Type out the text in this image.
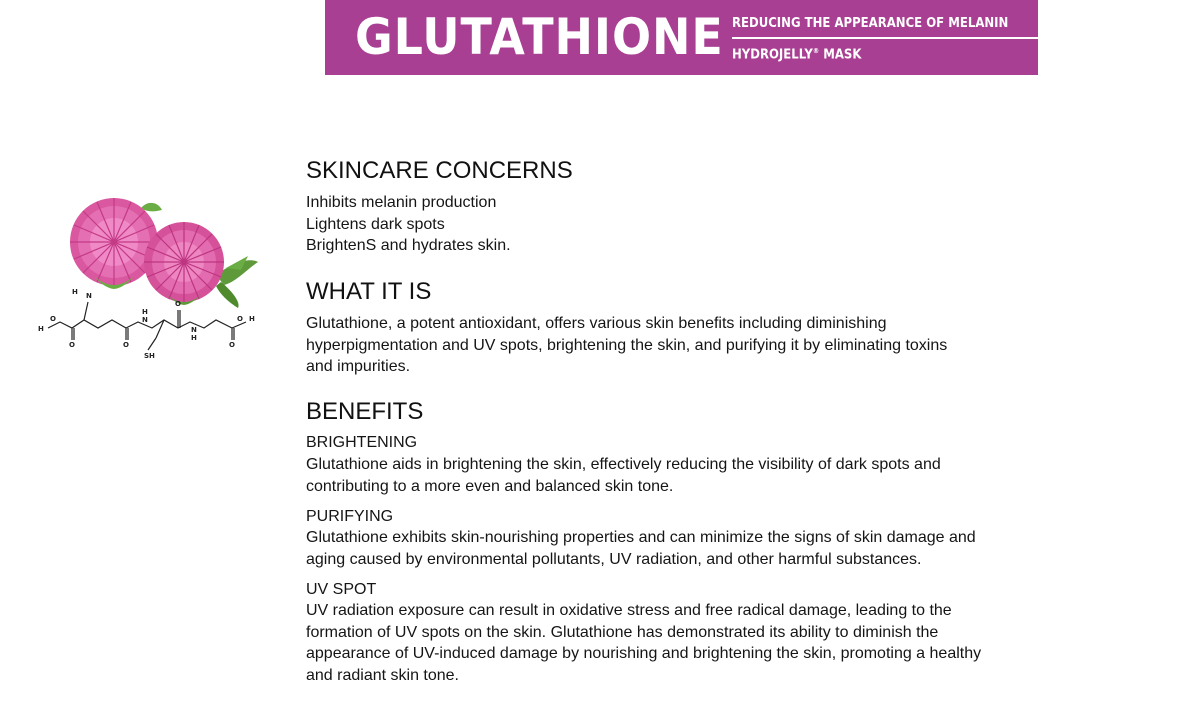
GLUTATHIONE REDUCING THE APPEARANCE OF MELANIN
HYDROJELLY® MASK
H
O
O
H N
O
H
N
SH
O
N
H
O
O H
SKINCARE CONCERNS
Inhibits melanin production
Lightens dark spots
BrightenS and hydrates skin.
WHAT IT IS
Glutathione, a potent antioxidant, offers various skin benefits including diminishing
hyperpigmentation and UV spots, brightening the skin, and purifying it by eliminating toxins
and impurities.
BENEFITS
BRIGHTENING
Glutathione aids in brightening the skin, effectively reducing the visibility of dark spots and
contributing to a more even and balanced skin tone.
PURIFYING
Glutathione exhibits skin-nourishing properties and can minimize the signs of skin damage and
aging caused by environmental pollutants, UV radiation, and other harmful substances.
UV SPOT
UV radiation exposure can result in oxidative stress and free radical damage, leading to the
formation of UV spots on the skin. Glutathione has demonstrated its ability to diminish the
appearance of UV-induced damage by nourishing and brightening the skin, promoting a healthy
and radiant skin tone.
